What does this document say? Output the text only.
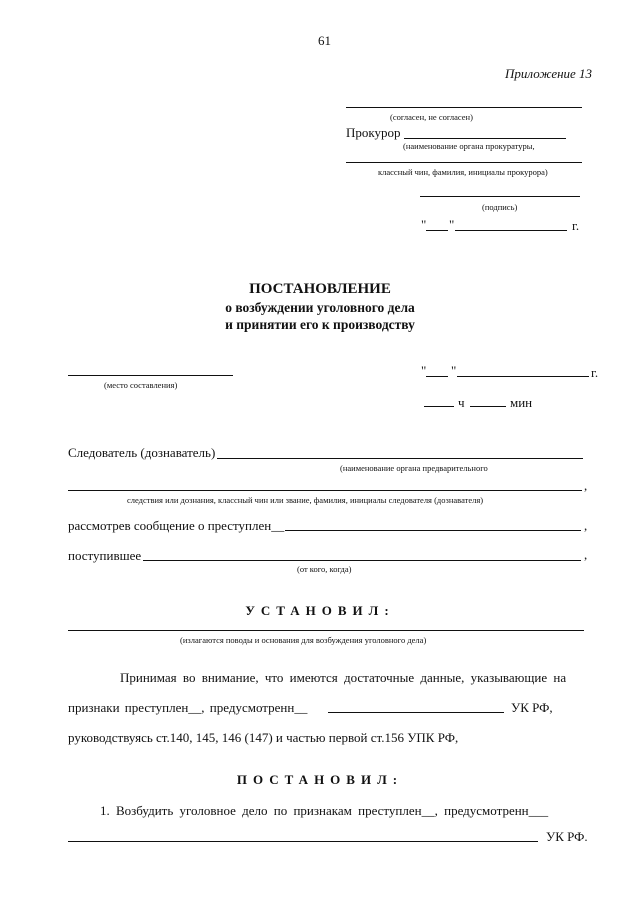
61
Приложение 13
(согласен, не согласен)
Прокурор
(наименование органа прокуратуры,
классный чин, фамилия, инициалы прокурора)
(подпись)
" "	г.
ПОСТАНОВЛЕНИЕ
о возбуждении уголовного дела
и принятии его к производству
(место составления)
" "	г.
ч	мин
Следователь (дознаватель)
(наименование органа предварительного
,
следствия или дознания, классный чин или звание, фамилия, инициалы следователя (дознавателя)
рассмотрев сообщение о преступлен__	,
поступившее	,
(от кого, когда)
УСТАНОВИЛ:
(излагаются поводы и основания для возбуждения уголовного дела)
Принимая во внимание, что имеются достаточные данные, указывающие на
признаки преступлен__, предусмотренн__	УК РФ,
руководствуясь ст.140, 145, 146 (147) и частью первой ст.156 УПК РФ,
ПОСТАНОВИЛ:
1. Возбудить уголовное дело по признакам преступлен__, предусмотренн___
УК РФ.
